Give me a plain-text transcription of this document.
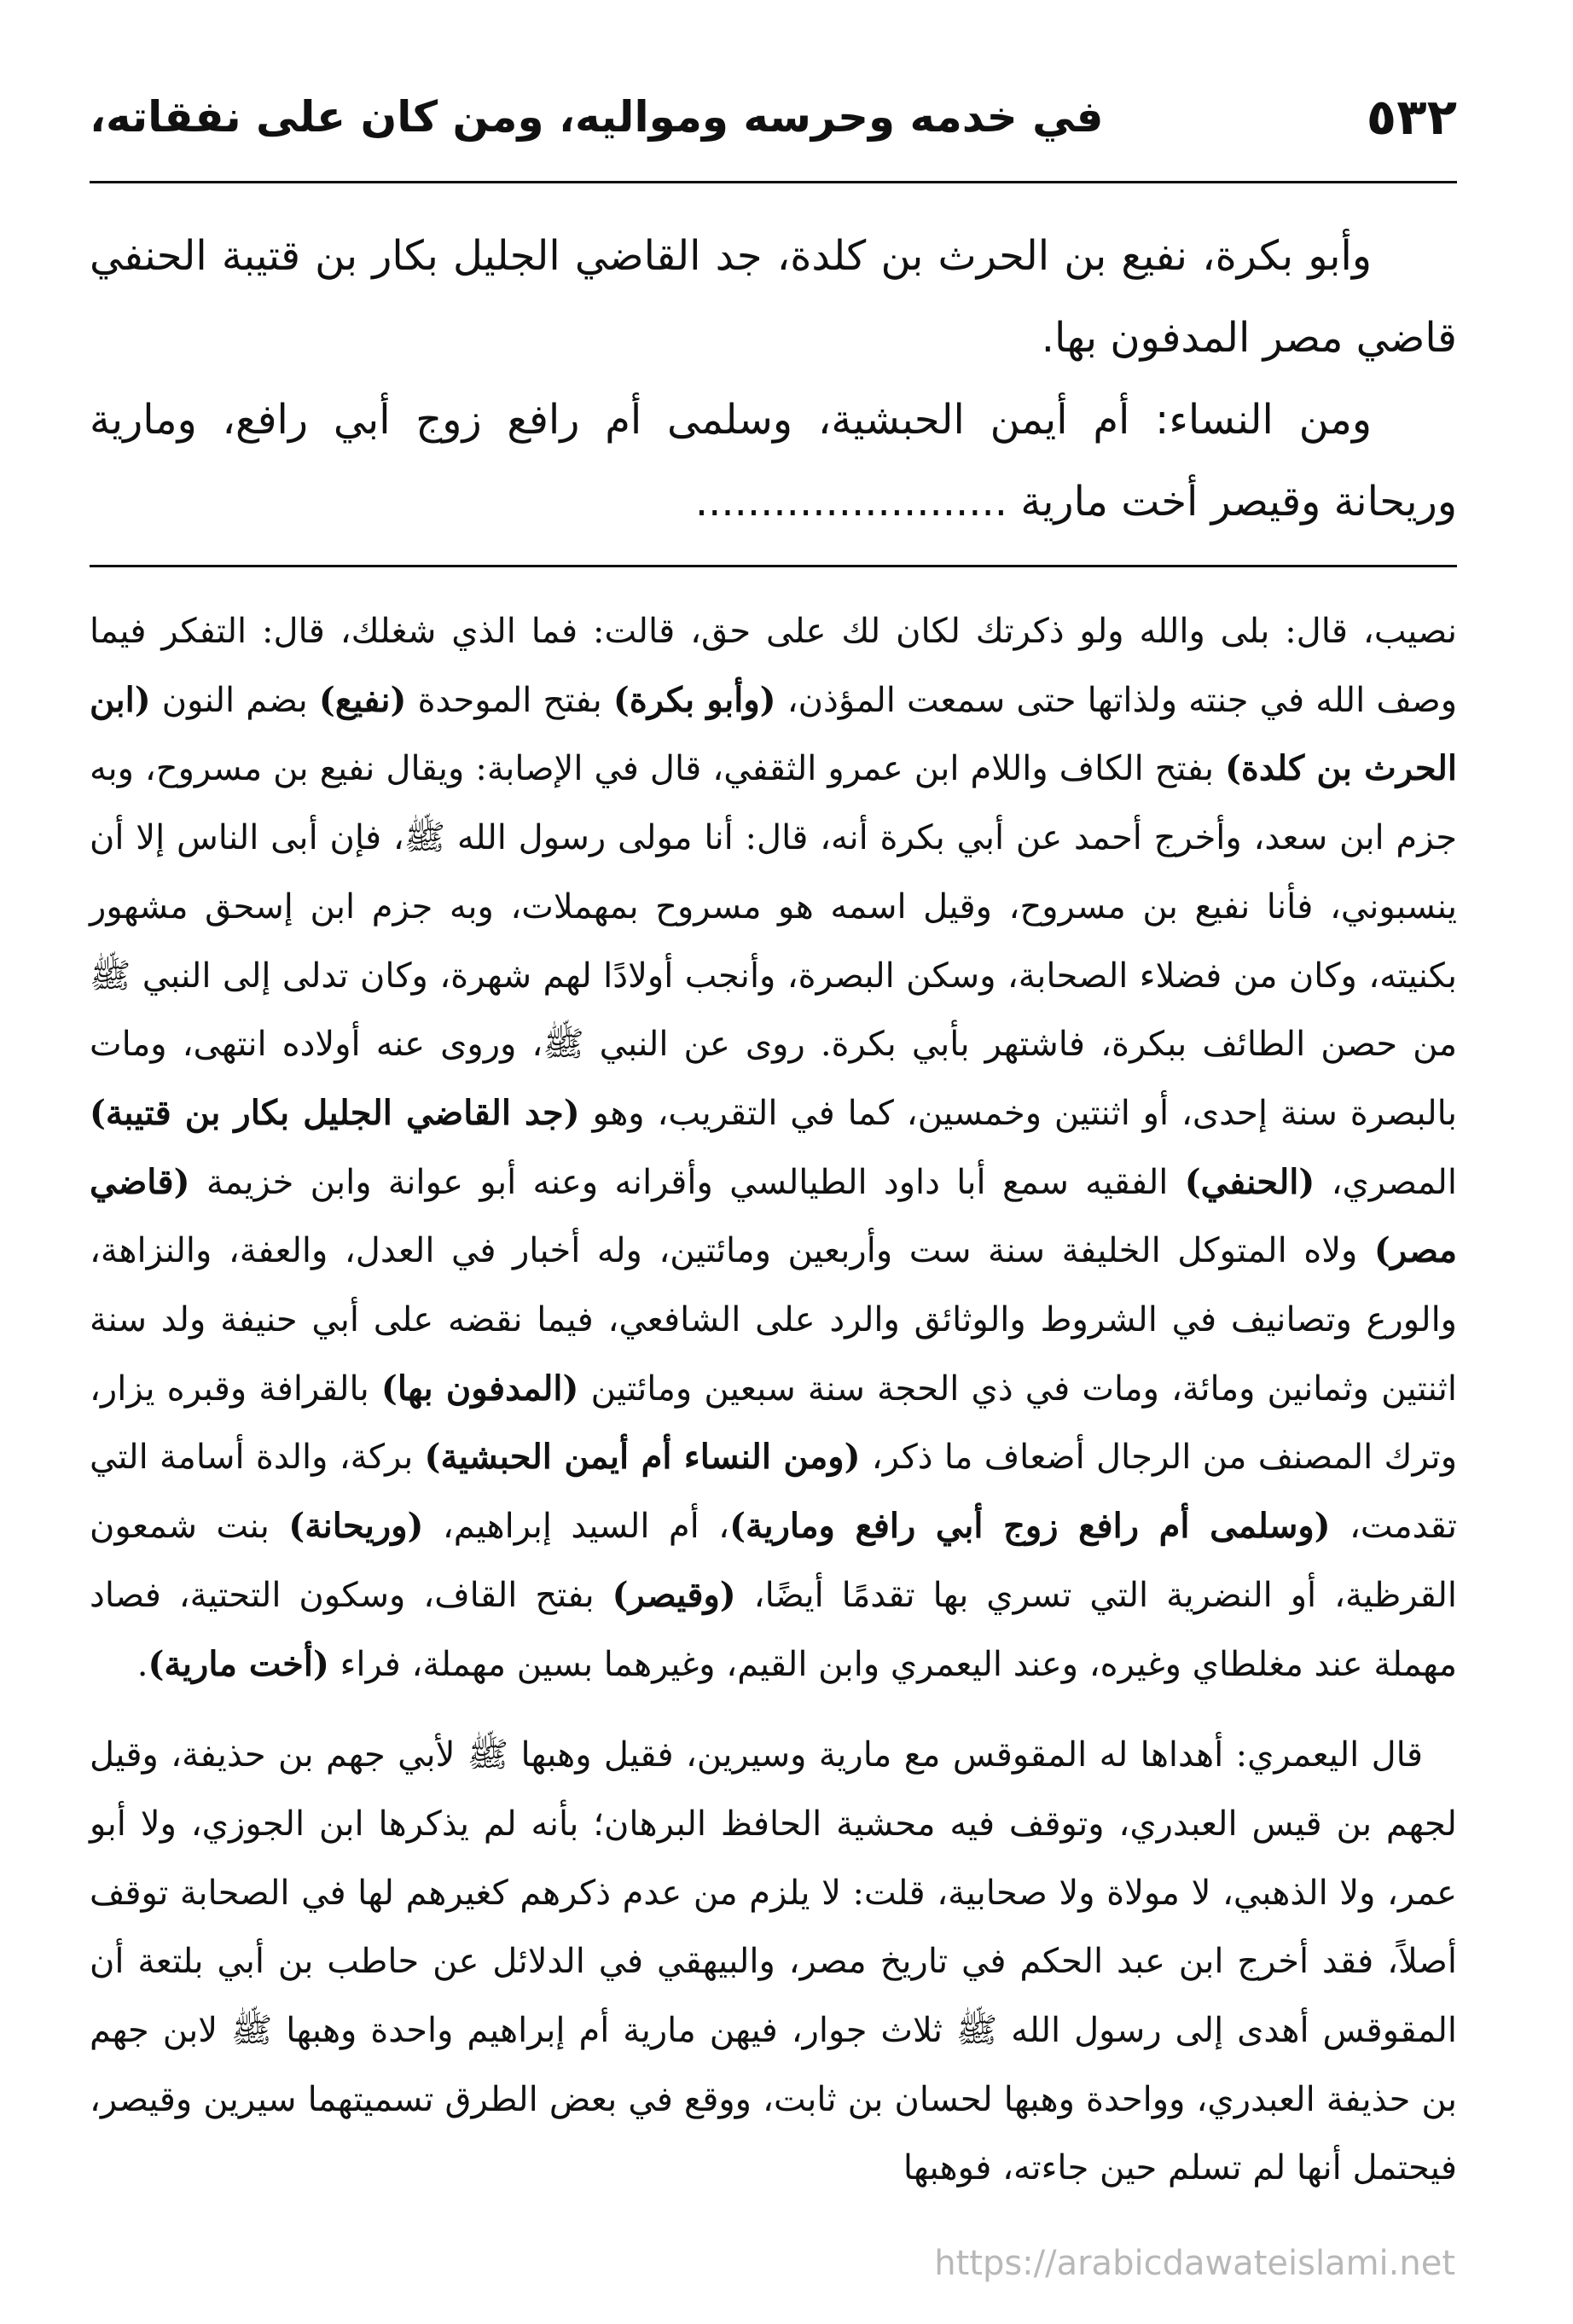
٥٣٢
في خدمه وحرسه ومواليه، ومن كان على نفقاته،

وأبو بكرة، نفيع بن الحرث بن كلدة، جد القاضي الجليل بكار بن قتيبة الحنفي قاضي مصر المدفون بها.

ومن النساء: أم أيمن الحبشية، وسلمى أم رافع زوج أبي رافع، ومارية وريحانة وقيصر أخت مارية ........................

نصيب، قال: بلى والله ولو ذكرتك لكان لك على حق، قالت: فما الذي شغلك، قال: التفكر فيما وصف الله في جنته ولذاتها حتى سمعت المؤذن، (وأبو بكرة) بفتح الموحدة (نفيع) بضم النون (ابن الحرث بن كلدة) بفتح الكاف واللام ابن عمرو الثقفي، قال في الإصابة: ويقال نفيع بن مسروح، وبه جزم ابن سعد، وأخرج أحمد عن أبي بكرة أنه، قال: أنا مولى رسول الله ﷺ، فإن أبى الناس إلا أن ينسبوني، فأنا نفيع بن مسروح، وقيل اسمه هو مسروح بمهملات، وبه جزم ابن إسحق مشهور بكنيته، وكان من فضلاء الصحابة، وسكن البصرة، وأنجب أولادًا لهم شهرة، وكان تدلى إلى النبي ﷺ من حصن الطائف ببكرة، فاشتهر بأبي بكرة. روى عن النبي ﷺ، وروى عنه أولاده انتهى، ومات بالبصرة سنة إحدى، أو اثنتين وخمسين، كما في التقريب، وهو (جد القاضي الجليل بكار بن قتيبة) المصري، (الحنفي) الفقيه سمع أبا داود الطيالسي وأقرانه وعنه أبو عوانة وابن خزيمة (قاضي مصر) ولاه المتوكل الخليفة سنة ست وأربعين ومائتين، وله أخبار في العدل، والعفة، والنزاهة، والورع وتصانيف في الشروط والوثائق والرد على الشافعي، فيما نقضه على أبي حنيفة ولد سنة اثنتين وثمانين ومائة، ومات في ذي الحجة سنة سبعين ومائتين (المدفون بها) بالقرافة وقبره يزار، وترك المصنف من الرجال أضعاف ما ذكر، (ومن النساء أم أيمن الحبشية) بركة، والدة أسامة التي تقدمت، (وسلمى أم رافع زوج أبي رافع ومارية)، أم السيد إبراهيم، (وريحانة) بنت شمعون القرظية، أو النضرية التي تسري بها تقدمًا أيضًا، (وقيصر) بفتح القاف، وسكون التحتية، فصاد مهملة عند مغلطاي وغيره، وعند اليعمري وابن القيم، وغيرهما بسين مهملة، فراء (أخت مارية).

قال اليعمري: أهداها له المقوقس مع مارية وسيرين، فقيل وهبها ﷺ لأبي جهم بن حذيفة، وقيل لجهم بن قيس العبدري، وتوقف فيه محشية الحافظ البرهان؛ بأنه لم يذكرها ابن الجوزي، ولا أبو عمر، ولا الذهبي، لا مولاة ولا صحابية، قلت: لا يلزم من عدم ذكرهم كغيرهم لها في الصحابة توقف أصلاً، فقد أخرج ابن عبد الحكم في تاريخ مصر، والبيهقي في الدلائل عن حاطب بن أبي بلتعة أن المقوقس أهدى إلى رسول الله ﷺ ثلاث جوار، فيهن مارية أم إبراهيم واحدة وهبها ﷺ لابن جهم بن حذيفة العبدري، وواحدة وهبها لحسان بن ثابت، ووقع في بعض الطرق تسميتهما سيرين وقيصر، فيحتمل أنها لم تسلم حين جاءته، فوهبها

https://arabicdawateislami.net
